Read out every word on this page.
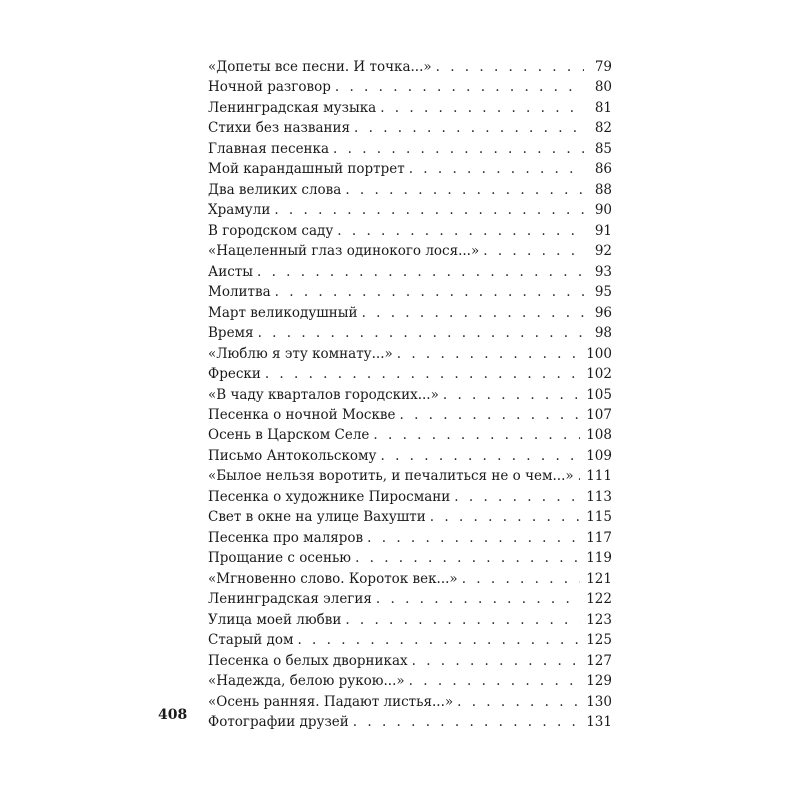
«Допеты все песни. И точка...» . . .	79
Ночной разговор . . .	80
Ленинградская музыка . . .	81
Стихи без названия . . .	82
Главная песенка . . .	85
Мой карандашный портрет . . .	86
Два великих слова . . .	88
Храмули . . .	90
В городском саду . . .	91
«Нацеленный глаз одинокого лося...» . . .	92
Аисты . . .	93
Молитва . . .	95
Март великодушный . . .	96
Время . . .	98
«Люблю я эту комнату...» . . .	100
Фрески . . .	102
«В чаду кварталов городских...» . . .	105
Песенка о ночной Москве . . .	107
Осень в Царском Селе . . .	108
Письмо Антокольскому . . .	109
«Былое нельзя воротить, и печалиться не о чем...» . . . 111
Песенка о художнике Пиросмани . . .	113
Свет в окне на улице Вахушти . . .	115
Песенка про маляров . . .	117
Прощание с осенью . . .	119
«Мгновенно слово. Короток век...» . . .	121
Ленинградская элегия . . .	122
Улица моей любви . . .	123
Старый дом . . .	125
Песенка о белых дворниках . . .	127
«Надежда, белою рукою...» . . .	129
«Осень ранняя. Падают листья...» . . .	130
Фотографии друзей . . .	131
408
